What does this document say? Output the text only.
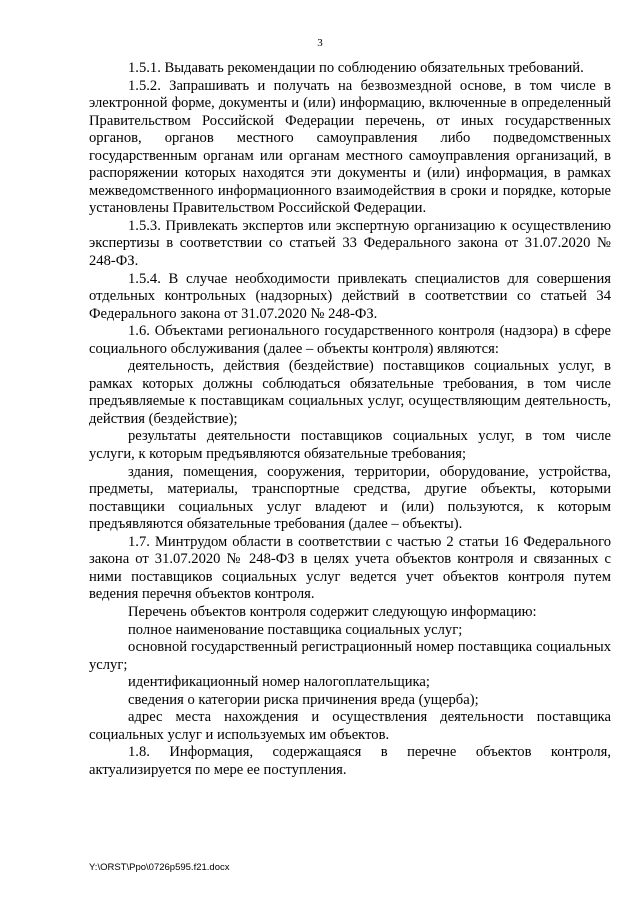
3

1.5.1. Выдавать рекомендации по соблюдению обязательных требований.

1.5.2. Запрашивать и получать на безвозмездной основе, в том числе в электронной форме, документы и (или) информацию, включенные в определенный Правительством Российской Федерации перечень, от иных государственных органов, органов местного самоуправления либо подведомственных государственным органам или органам местного самоуправления организаций, в распоряжении которых находятся эти документы и (или) информация, в рамках межведомственного информационного взаимодействия в сроки и порядке, которые установлены Правительством Российской Федерации.

1.5.3. Привлекать экспертов или экспертную организацию к осуществлению экспертизы в соответствии со статьей 33 Федерального закона от 31.07.2020 № 248-ФЗ.

1.5.4. В случае необходимости привлекать специалистов для совершения отдельных контрольных (надзорных) действий в соответствии со статьей 34 Федерального закона от 31.07.2020 № 248-ФЗ.

1.6. Объектами регионального государственного контроля (надзора) в сфере социального обслуживания (далее – объекты контроля) являются:

деятельность, действия (бездействие) поставщиков социальных услуг, в рамках которых должны соблюдаться обязательные требования, в том числе предъявляемые к поставщикам социальных услуг, осуществляющим деятельность, действия (бездействие);

результаты деятельности поставщиков социальных услуг, в том числе услуги, к которым предъявляются обязательные требования;

здания, помещения, сооружения, территории, оборудование, устройства, предметы, материалы, транспортные средства, другие объекты, которыми поставщики социальных услуг владеют и (или) пользуются, к которым предъявляются обязательные требования (далее – объекты).

1.7. Минтрудом области в соответствии с частью 2 статьи 16 Федерального закона от 31.07.2020 № 248-ФЗ в целях учета объектов контроля и связанных с ними поставщиков социальных услуг ведется учет объектов контроля путем ведения перечня объектов контроля.

Перечень объектов контроля содержит следующую информацию:

полное наименование поставщика социальных услуг;

основной государственный регистрационный номер поставщика социальных услуг;

идентификационный номер налогоплательщика;

сведения о категории риска причинения вреда (ущерба);

адрес места нахождения и осуществления деятельности поставщика социальных услуг и используемых им объектов.

1.8. Информация, содержащаяся в перечне объектов контроля, актуализируется по мере ее поступления.

Y:\ORST\Ppo\0726p595.f21.docx
